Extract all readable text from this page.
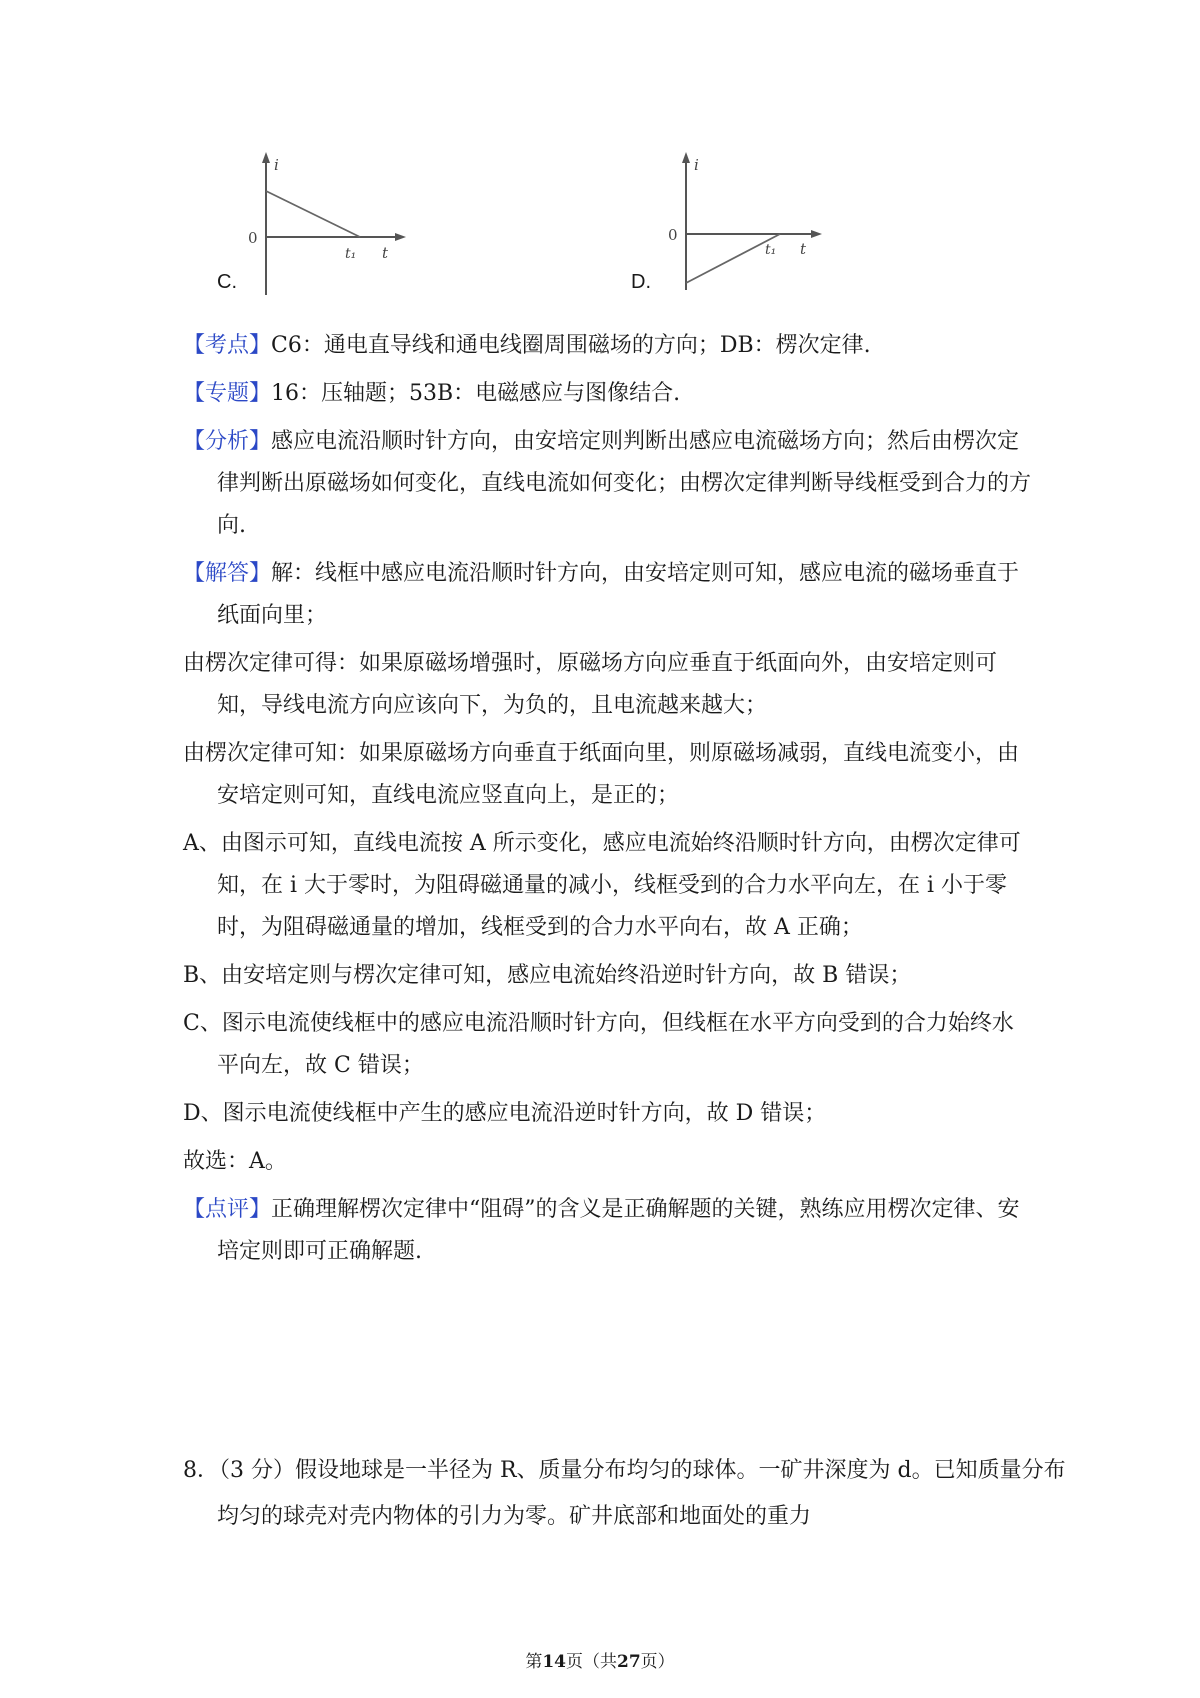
C.
i
0
t₁ t
D.
i
0
t₁ t

【考点】C6：通电直导线和通电线圈周围磁场的方向；DB：楞次定律.

【专题】16：压轴题；53B：电磁感应与图像结合.

【分析】感应电流沿顺时针方向，由安培定则判断出感应电流磁场方向；然后由楞次定律判断出原磁场如何变化，直线电流如何变化；由楞次定律判断导线框受到合力的方向.

【解答】解：线框中感应电流沿顺时针方向，由安培定则可知，感应电流的磁场垂直于纸面向里；

由楞次定律可得：如果原磁场增强时，原磁场方向应垂直于纸面向外，由安培定则可知，导线电流方向应该向下，为负的，且电流越来越大；

由楞次定律可知：如果原磁场方向垂直于纸面向里，则原磁场减弱，直线电流变小，由安培定则可知，直线电流应竖直向上，是正的；

A、由图示可知，直线电流按 A 所示变化，感应电流始终沿顺时针方向，由楞次定律可知，在 i 大于零时，为阻碍磁通量的减小，线框受到的合力水平向左，在 i 小于零时，为阻碍磁通量的增加，线框受到的合力水平向右，故 A 正确；

B、由安培定则与楞次定律可知，感应电流始终沿逆时针方向，故 B 错误；

C、图示电流使线框中的感应电流沿顺时针方向，但线框在水平方向受到的合力始终水平向左，故 C 错误；

D、图示电流使线框中产生的感应电流沿逆时针方向，故 D 错误；

故选：A。

【点评】正确理解楞次定律中“阻碍”的含义是正确解题的关键，熟练应用楞次定律、安培定则即可正确解题.

8．（3 分）假设地球是一半径为 R、质量分布均匀的球体。一矿井深度为 d。已知质量分布均匀的球壳对壳内物体的引力为零。矿井底部和地面处的重力
第14页（共27页）
